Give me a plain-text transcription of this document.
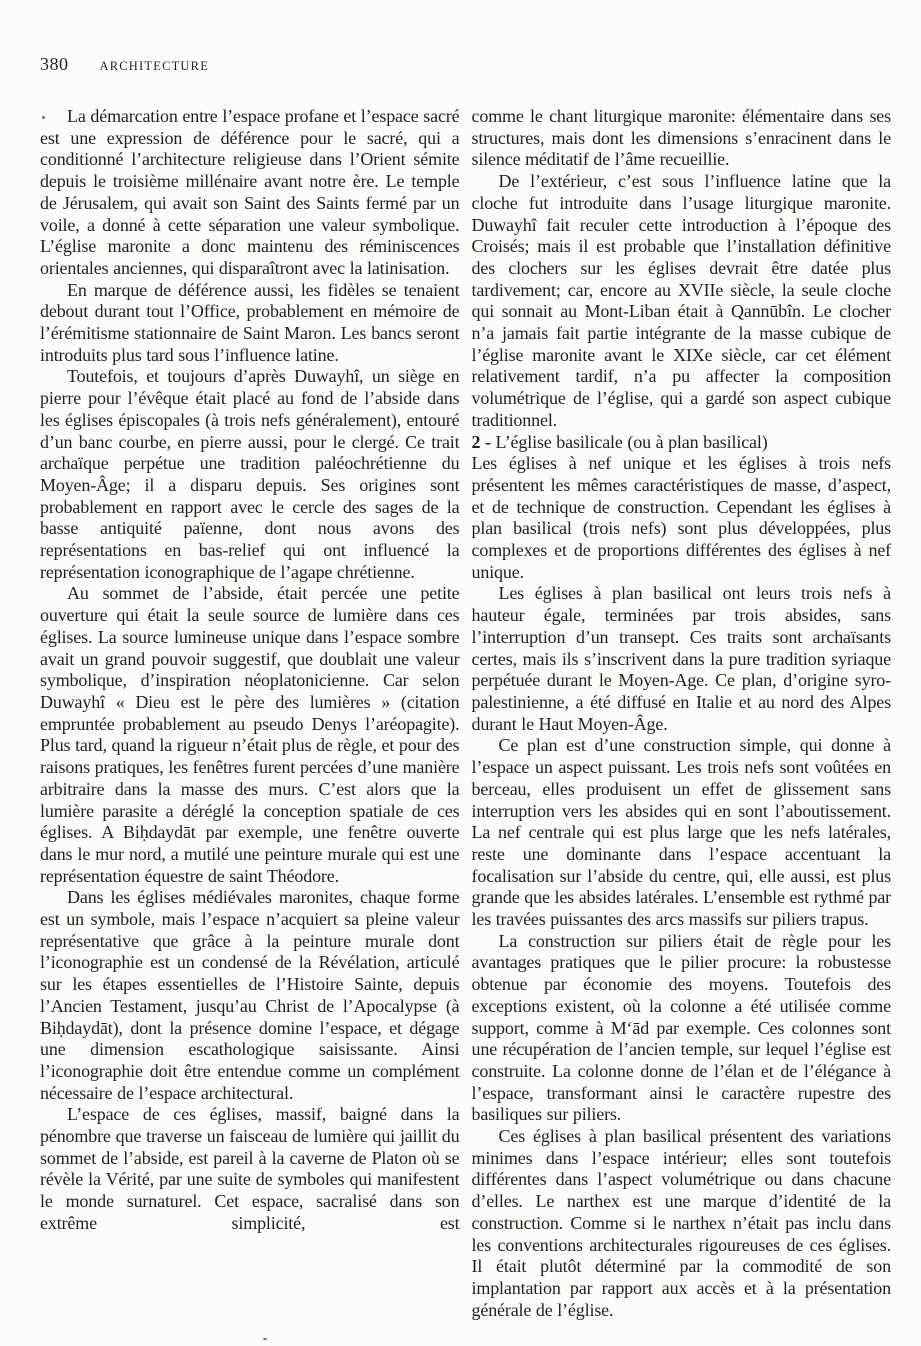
380 ARCHITECTURE

La démarcation entre l’espace profane et l’espace sacré est une expression de déférence pour le sacré, qui a conditionné l’architecture religieuse dans l’Orient sémite depuis le troisième millénaire avant notre ère. Le temple de Jérusalem, qui avait son Saint des Saints fermé par un voile, a donné à cette séparation une valeur symbolique. L’église maronite a donc maintenu des réminiscences orientales anciennes, qui disparaîtront avec la latinisation.

En marque de déférence aussi, les fidèles se tenaient debout durant tout l’Office, probablement en mémoire de l’érémitisme stationnaire de Saint Maron. Les bancs seront introduits plus tard sous l’influence latine.

Toutefois, et toujours d’après Duwayhî, un siège en pierre pour l’évêque était placé au fond de l’abside dans les églises épiscopales (à trois nefs généralement), entouré d’un banc courbe, en pierre aussi, pour le clergé. Ce trait archaïque perpétue une tradition paléochrétienne du Moyen-Âge; il a disparu depuis. Ses origines sont probablement en rapport avec le cercle des sages de la basse antiquité païenne, dont nous avons des représentations en bas-relief qui ont influencé la représentation iconographique de l’agape chrétienne.

Au sommet de l’abside, était percée une petite ouverture qui était la seule source de lumière dans ces églises. La source lumineuse unique dans l’espace sombre avait un grand pouvoir suggestif, que doublait une valeur symbolique, d’inspiration néoplatonicienne. Car selon Duwayhî « Dieu est le père des lumières » (citation empruntée probablement au pseudo Denys l’aréopagite). Plus tard, quand la rigueur n’était plus de règle, et pour des raisons pratiques, les fenêtres furent percées d’une manière arbitraire dans la masse des murs. C’est alors que la lumière parasite a déréglé la conception spatiale de ces églises. A Biḥdaydāt par exemple, une fenêtre ouverte dans le mur nord, a mutilé une peinture murale qui est une représentation équestre de saint Théodore.

Dans les églises médiévales maronites, chaque forme est un symbole, mais l’espace n’acquiert sa pleine valeur représentative que grâce à la peinture murale dont l’iconographie est un condensé de la Révélation, articulé sur les étapes essentielles de l’Histoire Sainte, depuis l’Ancien Testament, jusqu’au Christ de l’Apocalypse (à Biḥdaydāt), dont la présence domine l’espace, et dégage une dimension escathologique saisissante. Ainsi l’iconographie doit être entendue comme un complément nécessaire de l’espace architectural.

L’espace de ces églises, massif, baigné dans la pénombre que traverse un faisceau de lumière qui jaillit du sommet de l’abside, est pareil à la caverne de Platon où se révèle la Vérité, par une suite de symboles qui manifestent le monde surnaturel. Cet espace, sacralisé dans son extrême simplicité, est

comme le chant liturgique maronite: élémentaire dans ses structures, mais dont les dimensions s’enracinent dans le silence méditatif de l’âme recueillie.

De l’extérieur, c’est sous l’influence latine que la cloche fut introduite dans l’usage liturgique maronite. Duwayhî fait reculer cette introduction à l’époque des Croisés; mais il est probable que l’installation définitive des clochers sur les églises devrait être datée plus tardivement; car, encore au XVIIe siècle, la seule cloche qui sonnait au Mont-Liban était à Qannūbîn. Le clocher n’a jamais fait partie intégrante de la masse cubique de l’église maronite avant le XIXe siècle, car cet élément relativement tardif, n’a pu affecter la composition volumétrique de l’église, qui a gardé son aspect cubique traditionnel.

2 - L’église basilicale (ou à plan basilical)

Les églises à nef unique et les églises à trois nefs présentent les mêmes caractéristiques de masse, d’aspect, et de technique de construction. Cependant les églises à plan basilical (trois nefs) sont plus développées, plus complexes et de proportions différentes des églises à nef unique.

Les églises à plan basilical ont leurs trois nefs à hauteur égale, terminées par trois absides, sans l’interruption d’un transept. Ces traits sont archaïsants certes, mais ils s’inscrivent dans la pure tradition syriaque perpétuée durant le Moyen-Age. Ce plan, d’origine syro-palestinienne, a été diffusé en Italie et au nord des Alpes durant le Haut Moyen-Âge.

Ce plan est d’une construction simple, qui donne à l’espace un aspect puissant. Les trois nefs sont voûtées en berceau, elles produisent un effet de glissement sans interruption vers les absides qui en sont l’aboutissement. La nef centrale qui est plus large que les nefs latérales, reste une dominante dans l’espace accentuant la focalisation sur l’abside du centre, qui, elle aussi, est plus grande que les absides latérales. L’ensemble est rythmé par les travées puissantes des arcs massifs sur piliers trapus.

La construction sur piliers était de règle pour les avantages pratiques que le pilier procure: la robustesse obtenue par économie des moyens. Toutefois des exceptions existent, où la colonne a été utilisée comme support, comme à M‘ād par exemple. Ces colonnes sont une récupération de l’ancien temple, sur lequel l’église est construite. La colonne donne de l’élan et de l’élégance à l’espace, transformant ainsi le caractère rupestre des basiliques sur piliers.

Ces églises à plan basilical présentent des variations minimes dans l’espace intérieur; elles sont toutefois différentes dans l’aspect volumétrique ou dans chacune d’elles. Le narthex est une marque d’identité de la construction. Comme si le narthex n’était pas inclu dans les conventions architecturales rigoureuses de ces églises. Il était plutôt déterminé par la commodité de son implantation par rapport aux accès et à la présentation générale de l’église.
